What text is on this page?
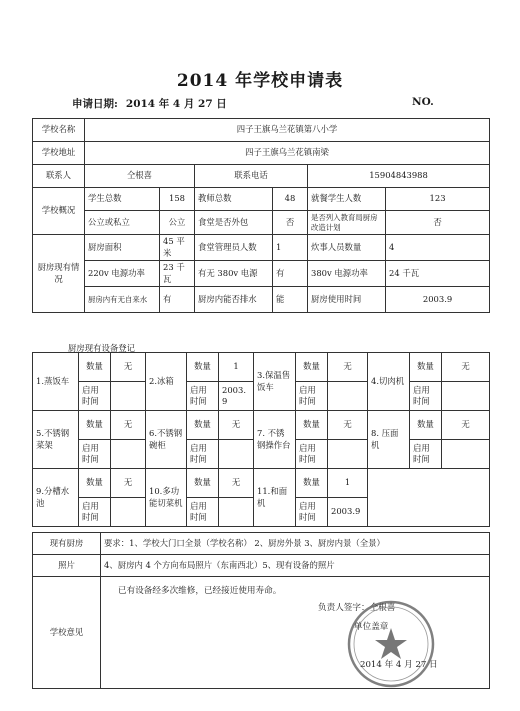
2014 年学校申请表
申请日期: 2014 年 4 月 27 日	NO.
学校名称	四子王旗乌兰花镇第八小学					
学校地址	四子王旗乌兰花镇南梁					
联系人	仝根喜		联系电话		15904843988	
学校概况	学生总数	158	教师总数	48	就餐学生人数	123
	公立或私立	公立	食堂是否外包	否	是否列入教育局厨房改造计划	否
厨房现有情况	厨房面积	45 平米	食堂管理员人数	1	炊事人员数量	4
	220v 电源功率	23 千瓦	有无 380v 电源	有	380v 电源功率	24 千瓦
	厨房内有无自来水	有	厨房内能否排水	能	厨房使用时间	2003.9
厨房现有设备登记
1.蒸饭车	数量	无	2.冰箱	数量	1	3.保温售饭车	数量	无	4.切肉机	数量	无
	启用时间			启用时间	2003.9		启用时间			启用时间	
5.不锈钢菜架	数量	无	6.不锈钢碗柜	数量	无	7. 不锈钢操作台	数量	无	8. 压面机	数量	无
	启用时间			启用时间			启用时间			启用时间	
9.分槽水池	数量	无	10.多功能切菜机	数量	无	11.和面机	数量	1			
	启用时间			启用时间			启用时间	2003.9			
现有厨房	要求：1、学校大门口全景（学校名称） 2、厨房外景 3、厨房内景（全景）
照片	4、厨房内 4 个方向布局照片（东南西北）5、现有设备的照片
学校意见	
已有设备经多次维修，已经接近使用寿命。
负责人签字：仝根喜
单位盖章
2014 年 4 月 27 日
